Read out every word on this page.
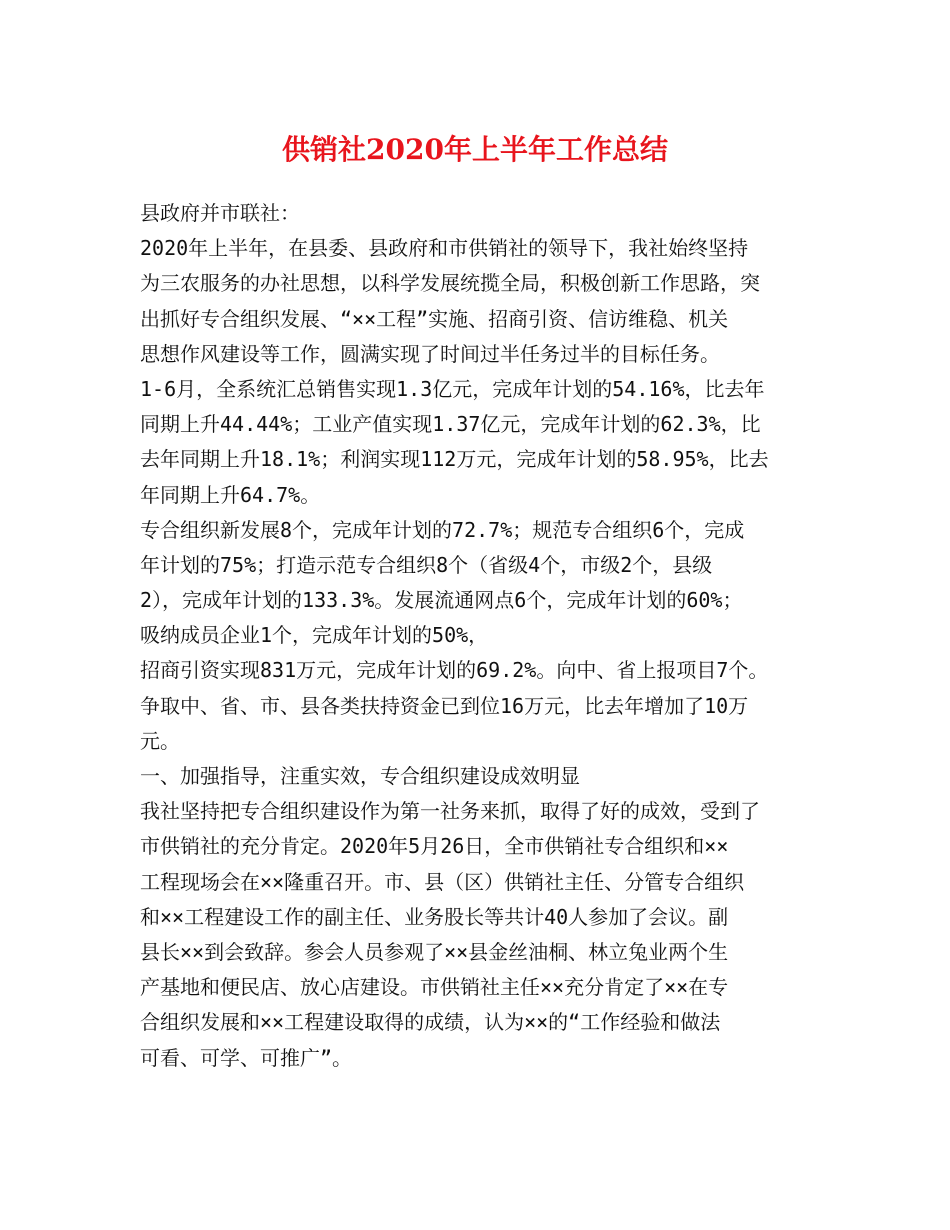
供销社2020年上半年工作总结
县政府并市联社：
2020年上半年，在县委、县政府和市供销社的领导下，我社始终坚持
为三农服务的办社思想，以科学发展统揽全局，积极创新工作思路，突
出抓好专合组织发展、“××工程”实施、招商引资、信访维稳、机关
思想作风建设等工作，圆满实现了时间过半任务过半的目标任务。
1-6月，全系统汇总销售实现1.3亿元，完成年计划的54.16%，比去年
同期上升44.44%；工业产值实现1.37亿元，完成年计划的62.3%，比
去年同期上升18.1%；利润实现112万元，完成年计划的58.95%，比去
年同期上升64.7%。
专合组织新发展8个，完成年计划的72.7%；规范专合组织6个，完成
年计划的75%；打造示范专合组织8个（省级4个，市级2个，县级
2），完成年计划的133.3%。发展流通网点6个，完成年计划的60%；
吸纳成员企业1个，完成年计划的50%，
招商引资实现831万元，完成年计划的69.2%。向中、省上报项目7个。
争取中、省、市、县各类扶持资金已到位16万元，比去年增加了10万
元。
一、加强指导，注重实效，专合组织建设成效明显
我社坚持把专合组织建设作为第一社务来抓，取得了好的成效，受到了
市供销社的充分肯定。2020年5月26日，全市供销社专合组织和××
工程现场会在××隆重召开。市、县（区）供销社主任、分管专合组织
和××工程建设工作的副主任、业务股长等共计40人参加了会议。副
县长××到会致辞。参会人员参观了××县金丝油桐、林立兔业两个生
产基地和便民店、放心店建设。市供销社主任××充分肯定了××在专
合组织发展和××工程建设取得的成绩，认为××的“工作经验和做法
可看、可学、可推广”。
